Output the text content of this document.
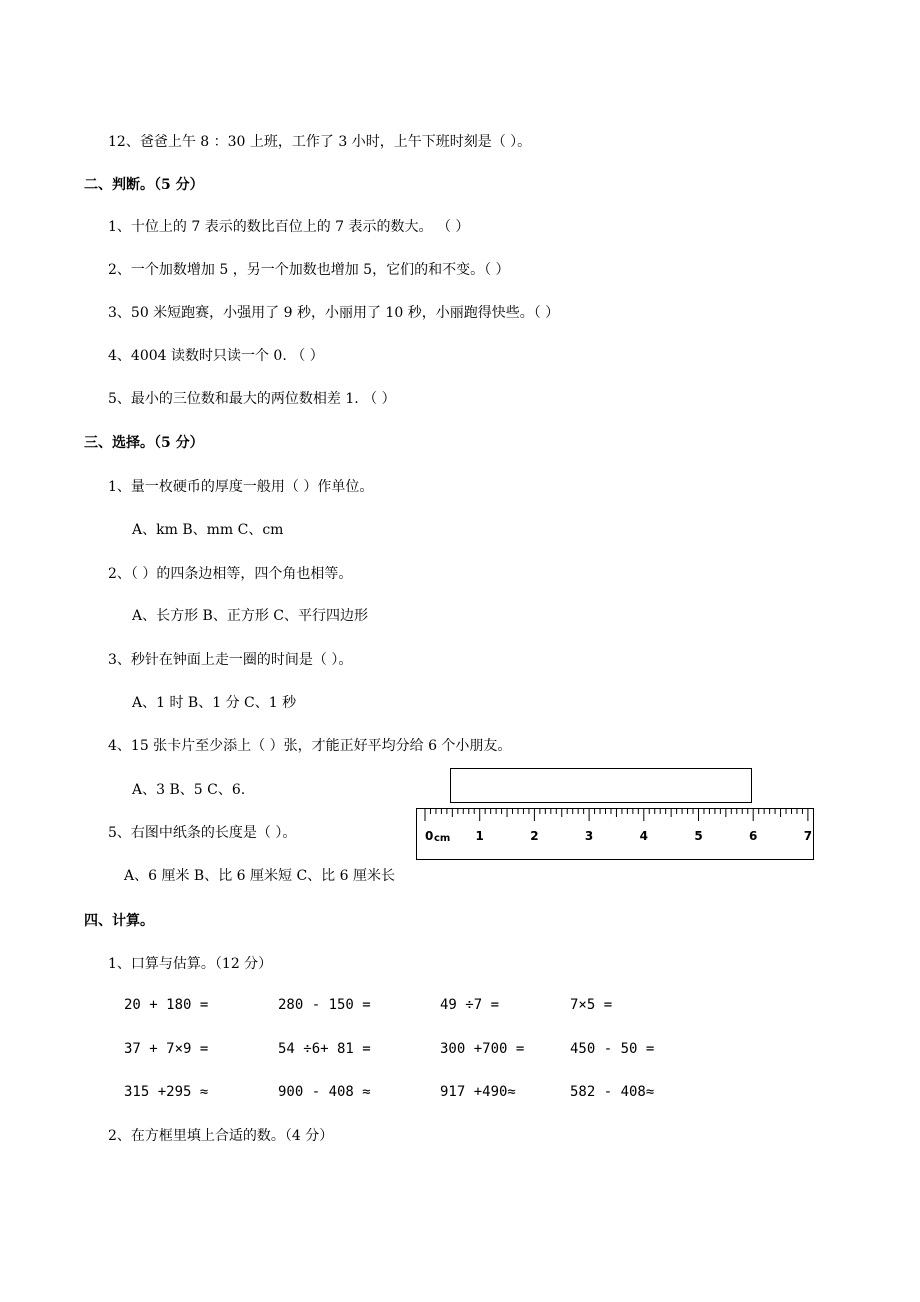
12、爸爸上午 8 ：30 上班，工作了 3 小时，上午下班时刻是（ ）。
二、判断。（5 分）
1、十位上的 7 表示的数比百位上的 7 表示的数大。 （ ）
2、一个加数增加 5 ，另一个加数也增加 5，它们的和不变。（ ）
3、50 米短跑赛，小强用了 9 秒，小丽用了 10 秒，小丽跑得快些。（ ）
4、4004 读数时只读一个 0. （ ）
5、最小的三位数和最大的两位数相差 1. （ ）
三、选择。（5 分）
1、量一枚硬币的厚度一般用（ ）作单位。
A、km B、mm C、cm
2、（ ）的四条边相等，四个角也相等。
A、长方形 B、正方形 C、平行四边形
3、秒针在钟面上走一圈的时间是（ ）。
A、1 时 B、1 分 C、1 秒
4、15 张卡片至少添上（ ）张，才能正好平均分给 6 个小朋友。
A、3 B、5 C、6.
5、右图中纸条的长度是（ ）。
A、6 厘米 B、比 6 厘米短 C、比 6 厘米长
0	1	2	3	4	5	6	7
cm
四、计算。
1、口算与估算。（12 分）
20 + 180 =	280 - 150 =	49 ÷7 =	7×5 =
37 + 7×9 =	54 ÷6+ 81 =	300 +700 =	450 - 50 =
315 +295 ≈	900 - 408 ≈	917 +490≈	582 - 408≈
2、在方框里填上合适的数。（4 分）
